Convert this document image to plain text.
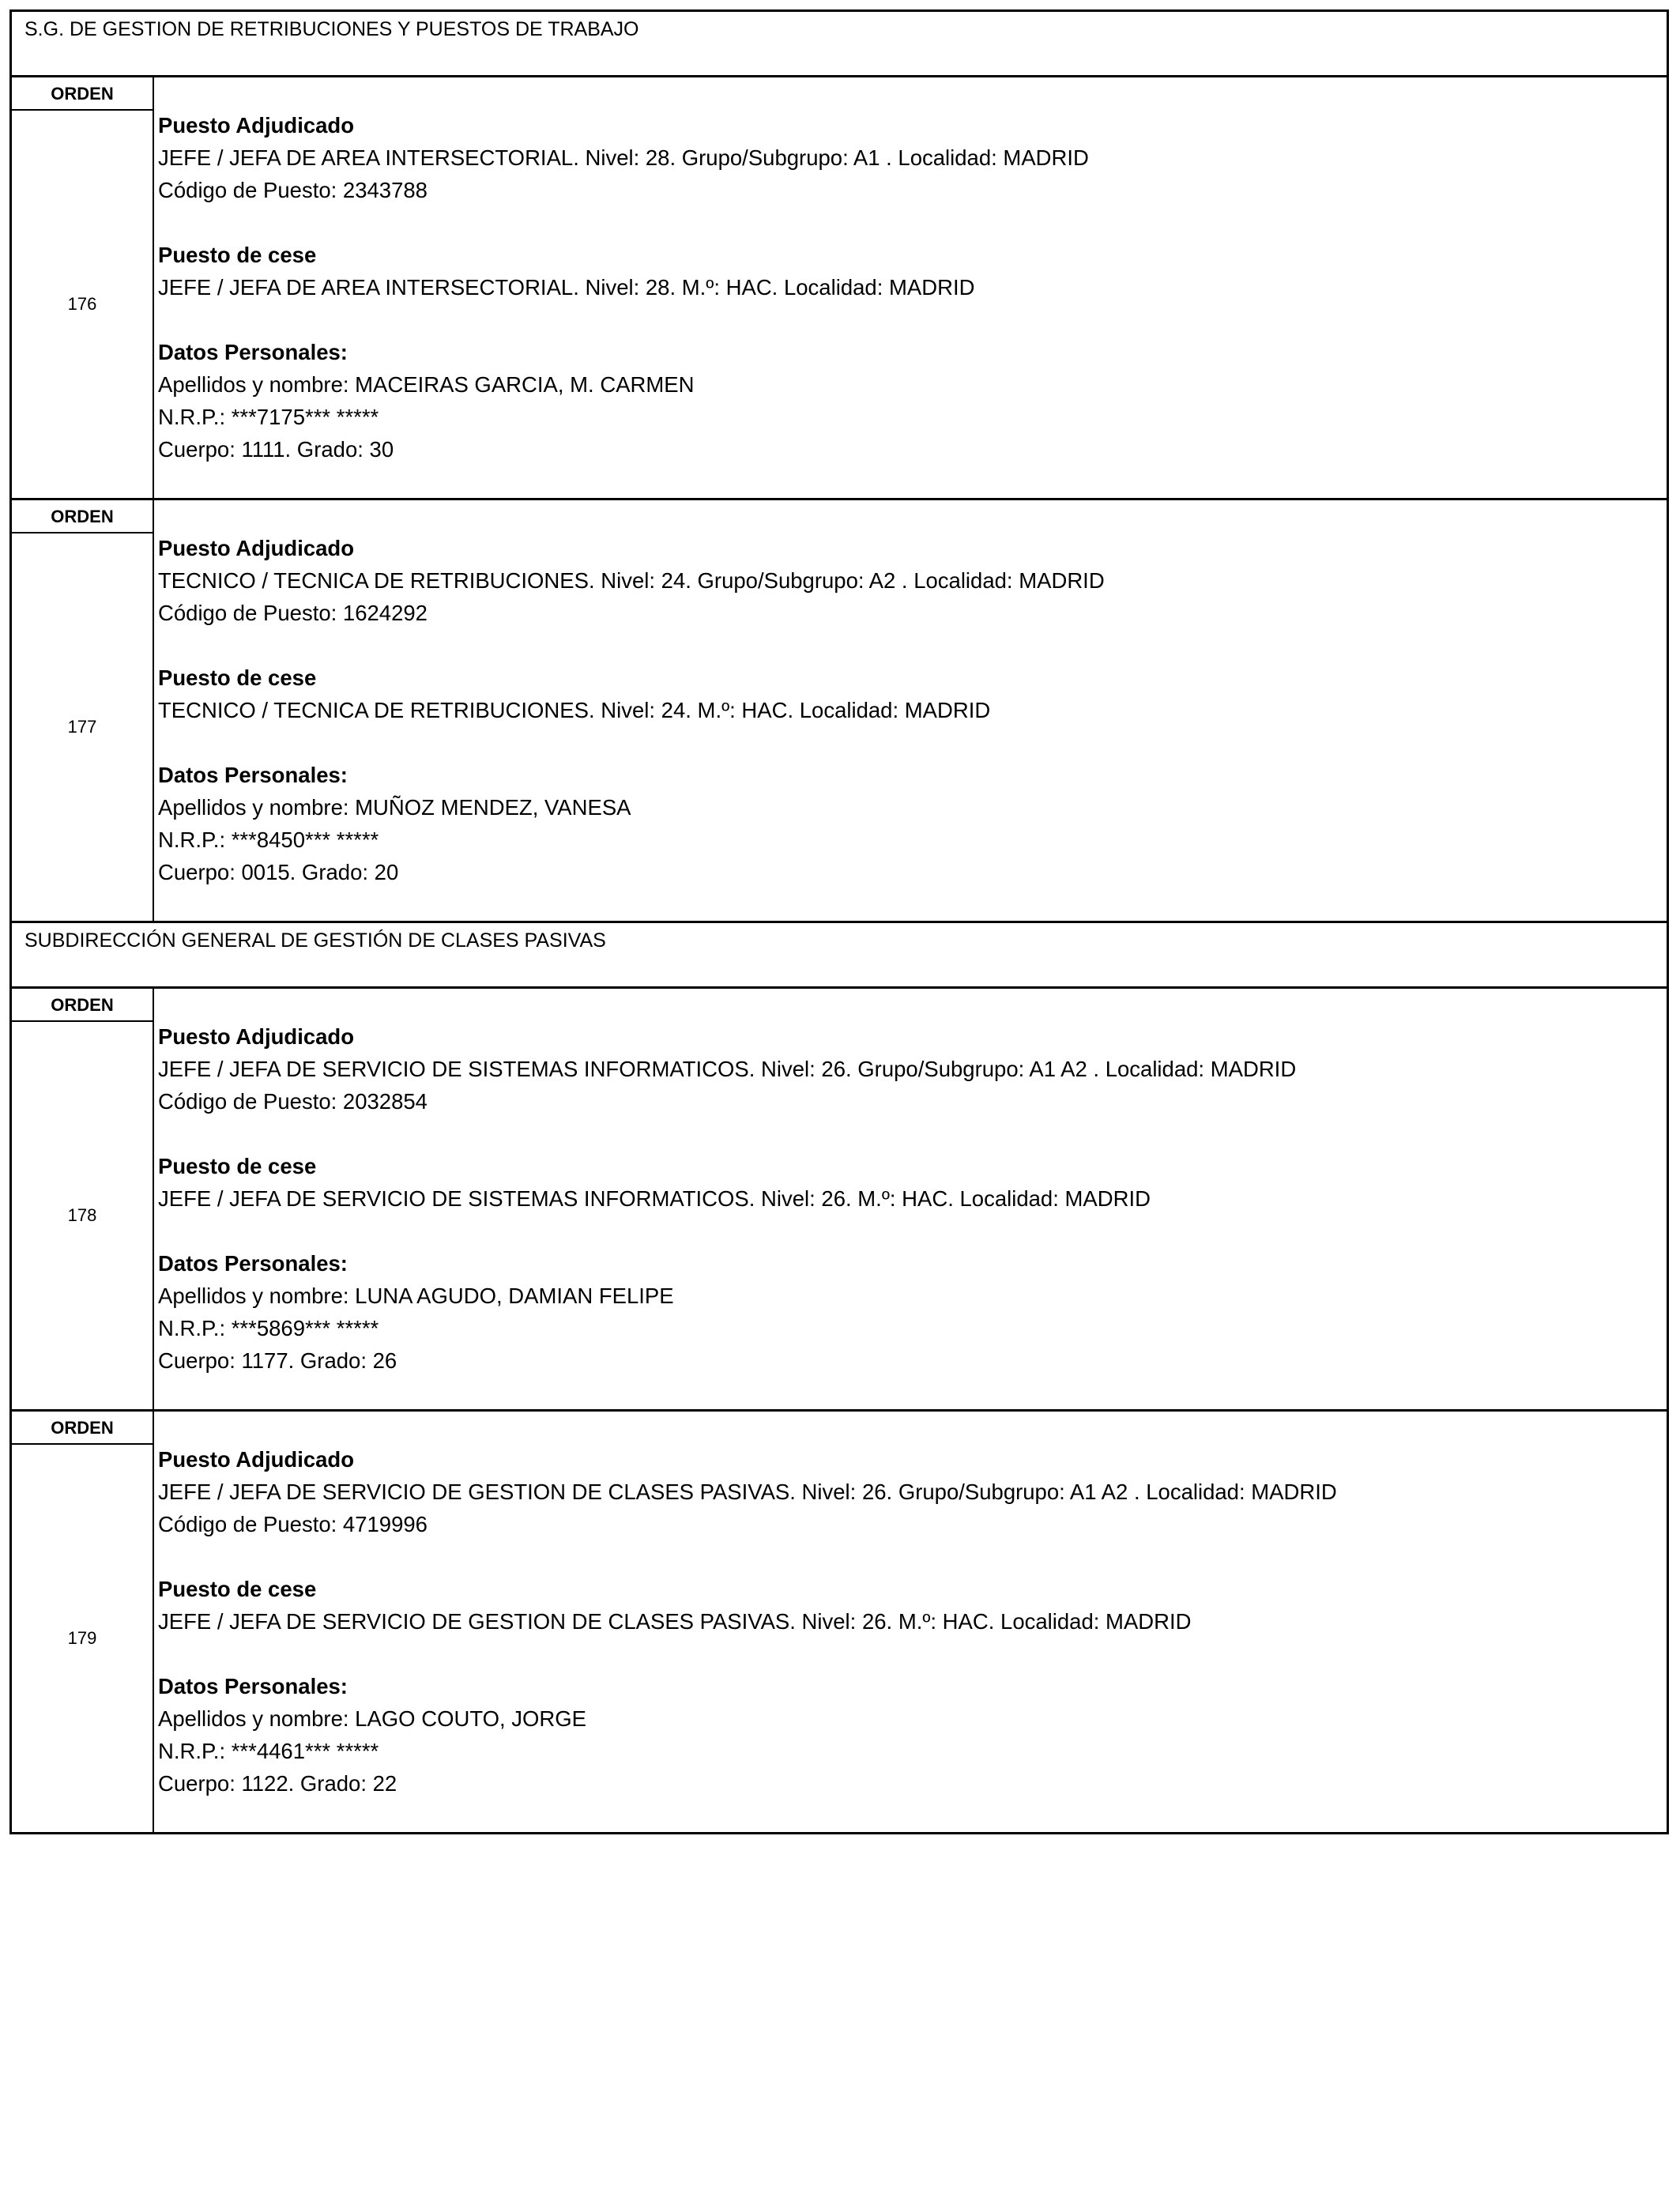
S.G. DE GESTION DE RETRIBUCIONES Y PUESTOS DE TRABAJO
ORDEN
176
Puesto Adjudicado
JEFE / JEFA DE AREA INTERSECTORIAL. Nivel: 28. Grupo/Subgrupo: A1 . Localidad: MADRID
Código de Puesto: 2343788
Puesto de cese
JEFE / JEFA DE AREA INTERSECTORIAL. Nivel: 28. M.º: HAC. Localidad: MADRID
Datos Personales:
Apellidos y nombre: MACEIRAS GARCIA, M. CARMEN
N.R.P.: ***7175*** *****
Cuerpo: 1111. Grado: 30
ORDEN
177
Puesto Adjudicado
TECNICO / TECNICA DE RETRIBUCIONES. Nivel: 24. Grupo/Subgrupo: A2 . Localidad: MADRID
Código de Puesto: 1624292
Puesto de cese
TECNICO / TECNICA DE RETRIBUCIONES. Nivel: 24. M.º: HAC. Localidad: MADRID
Datos Personales:
Apellidos y nombre: MUÑOZ MENDEZ, VANESA
N.R.P.: ***8450*** *****
Cuerpo: 0015. Grado: 20
SUBDIRECCIÓN GENERAL DE GESTIÓN DE CLASES PASIVAS
ORDEN
178
Puesto Adjudicado
JEFE / JEFA DE SERVICIO DE SISTEMAS INFORMATICOS. Nivel: 26. Grupo/Subgrupo: A1 A2 . Localidad: MADRID
Código de Puesto: 2032854
Puesto de cese
JEFE / JEFA DE SERVICIO DE SISTEMAS INFORMATICOS. Nivel: 26. M.º: HAC. Localidad: MADRID
Datos Personales:
Apellidos y nombre: LUNA AGUDO, DAMIAN FELIPE
N.R.P.: ***5869*** *****
Cuerpo: 1177. Grado: 26
ORDEN
179
Puesto Adjudicado
JEFE / JEFA DE SERVICIO DE GESTION DE CLASES PASIVAS. Nivel: 26. Grupo/Subgrupo: A1 A2 . Localidad: MADRID
Código de Puesto: 4719996
Puesto de cese
JEFE / JEFA DE SERVICIO DE GESTION DE CLASES PASIVAS. Nivel: 26. M.º: HAC. Localidad: MADRID
Datos Personales:
Apellidos y nombre: LAGO COUTO, JORGE
N.R.P.: ***4461*** *****
Cuerpo: 1122. Grado: 22
